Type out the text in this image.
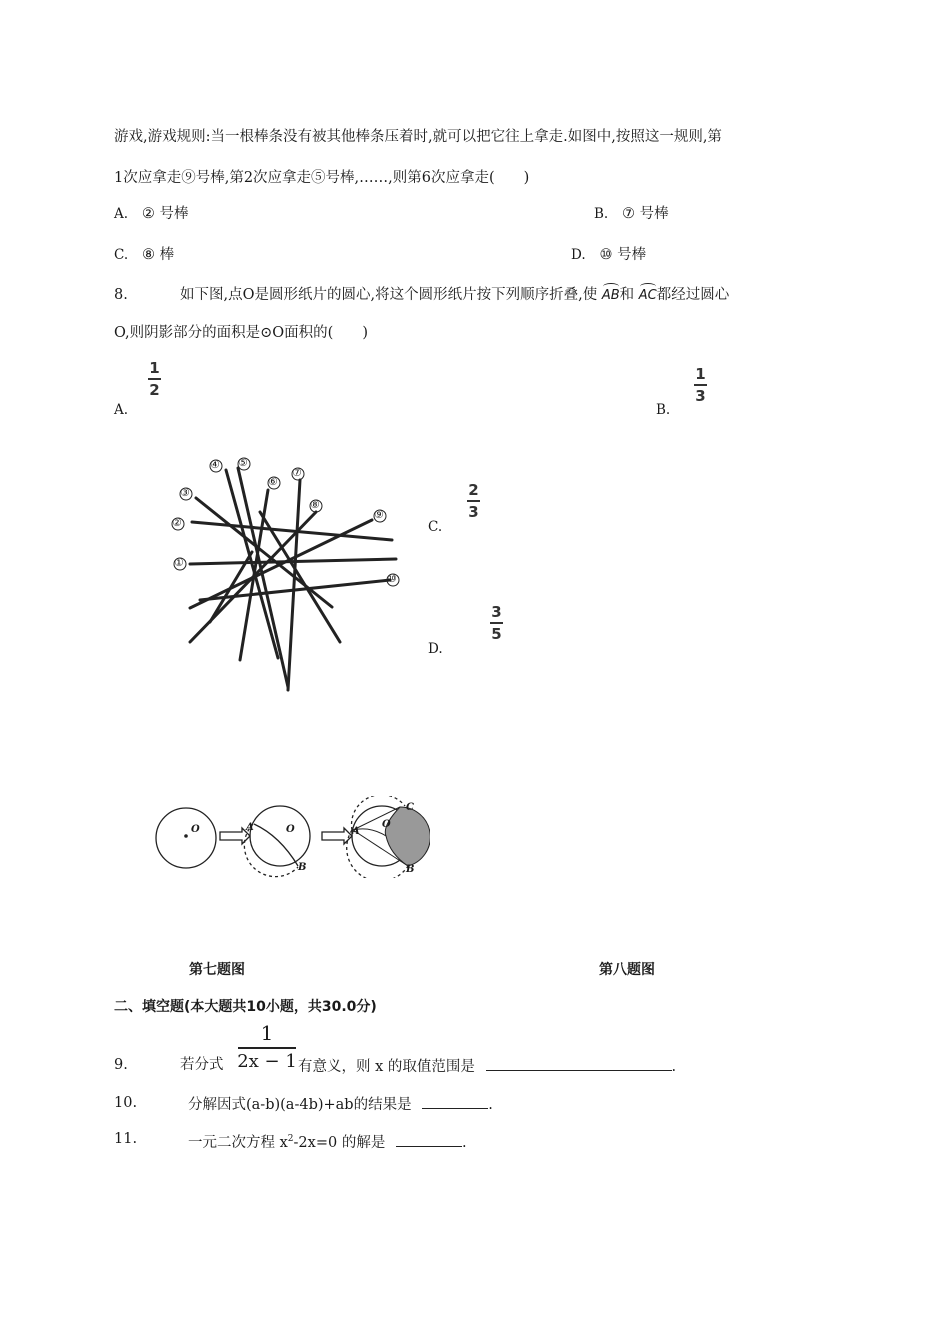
游戏,游戏规则:当一根棒条没有被其他棒条压着时,就可以把它往上拿走.如图中,按照这一规则,第
1次应拿走⑨号棒,第2次应拿走⑤号棒,……,则第6次应拿走(　　)
A. ② 号棒	B. ⑦ 号棒
C. ⑧ 棒	D. ⑩ 号棒
8.	如下图,点O是圆形纸片的圆心,将这个圆形纸片按下列顺序折叠,使 AB和 AC都经过圆心
O,则阴影部分的面积是⊙O面积的(　　)
A.
1
2
B.
1
3
C.
2
3
D.
3
5
①
②
③
④ ⑤
⑥
⑦
⑧
⑨
⑩
O	O
A
B
A
O
C
B
第七题图	第八题图
二、填空题(本大题共10小题，共30.0分)
9.	若分式
1
2x − 1 有意义，则 x 的取值范围是	.
10.	分解因式(a-b)(a-4b)+ab的结果是	.
11.	一元二次方程 $x^2-2x=0$ 的解是	.
